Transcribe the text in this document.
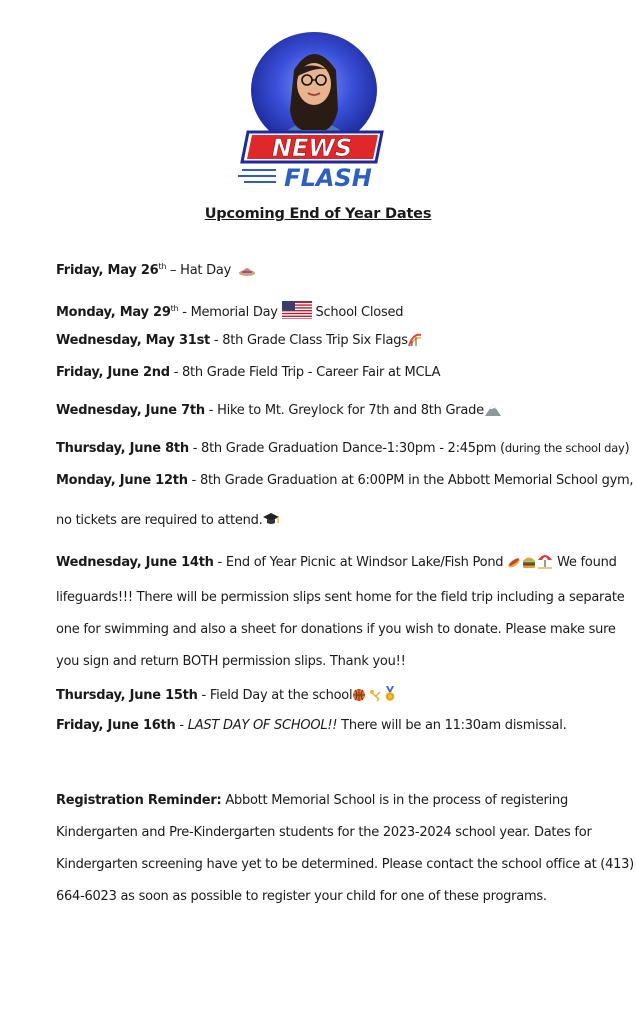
NEWS
FLASH
Upcoming End of Year Dates
Friday, May 26th – Hat Day
Monday, May 29th - Memorial Day  School Closed
Wednesday, May 31st - 8th Grade Class Trip Six Flags
Friday, June 2nd - 8th Grade Field Trip - Career Fair at MCLA
Wednesday, June 7th - Hike to Mt. Greylock for 7th and 8th Grade
Thursday, June 8th - 8th Grade Graduation Dance-1:30pm - 2:45pm (during the school day)
Monday, June 12th - 8th Grade Graduation at 6:00PM in the Abbott Memorial School gym,
no tickets are required to attend.
Wednesday, June 14th - End of Year Picnic at Windsor Lake/Fish Pond	We found
lifeguards!!! There will be permission slips sent home for the field trip including a separate
one for swimming and also a sheet for donations if you wish to donate. Please make sure
you sign and return BOTH permission slips. Thank you!!
Thursday, June 15th - Field Day at the school
Friday, June 16th - LAST DAY OF SCHOOL!! There will be an 11:30am dismissal.
Registration Reminder: Abbott Memorial School is in the process of registering
Kindergarten and Pre-Kindergarten students for the 2023-2024 school year. Dates for
Kindergarten screening have yet to be determined. Please contact the school office at (413)
664-6023 as soon as possible to register your child for one of these programs.
